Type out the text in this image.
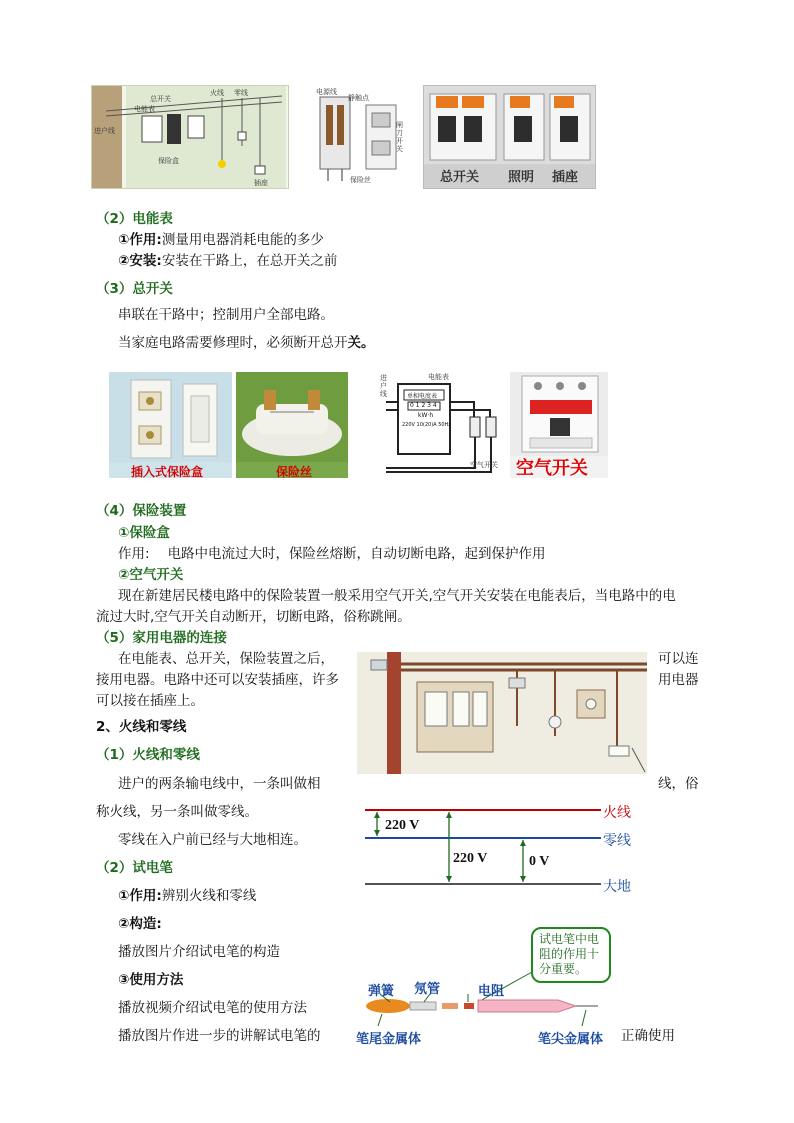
进户线
电能表
总开关
保险盒
火线 零线
插座
电源线
静触点
闸刀开关
保险丝	总开关 照明 插座
（2）电能表
①作用:测量用电器消耗电能的多少
②安装:安装在干路上，在总开关之前
（3）总开关
串联在干路中；控制用户全部电路。
当家庭电路需要修理时，必须断开总开关。
插入式保险盒	保险丝
进户线
电能表
单相电度表
0 1 2 3 4
kW·h
220V 10(20)A 50Hz
空气开关 空气开关
（4）保险装置
①保险盒
作用: 电路中电流过大时，保险丝熔断，自动切断电路，起到保护作用
②空气开关
现在新建居民楼电路中的保险装置一般采用空气开关,空气开关安装在电能表后，当电路中的电
流过大时,空气开关自动断开，切断电路，俗称跳闸。
（5）家用电器的连接
在电能表、总开关，保险装置之后，	可以连
接用电器。电路中还可以安装插座，许多	用电器
可以接在插座上。
2、火线和零线
（1）火线和零线
进户的两条输电线中，一条叫做相	线，俗
称火线，另一条叫做零线。
零线在入户前已经与大地相连。
火线
零线
大地
220 V
220 V	0 V
（2）试电笔
①作用:辨别火线和零线
②构造:
播放图片介绍试电笔的构造
③使用方法
播放视频介绍试电笔的使用方法
播放图片作进一步的讲解试电笔的	正确使用
试电笔中电
阻的作用十
分重要。
弹簧 氖管	电阻
笔尾金属体	笔尖金属体
